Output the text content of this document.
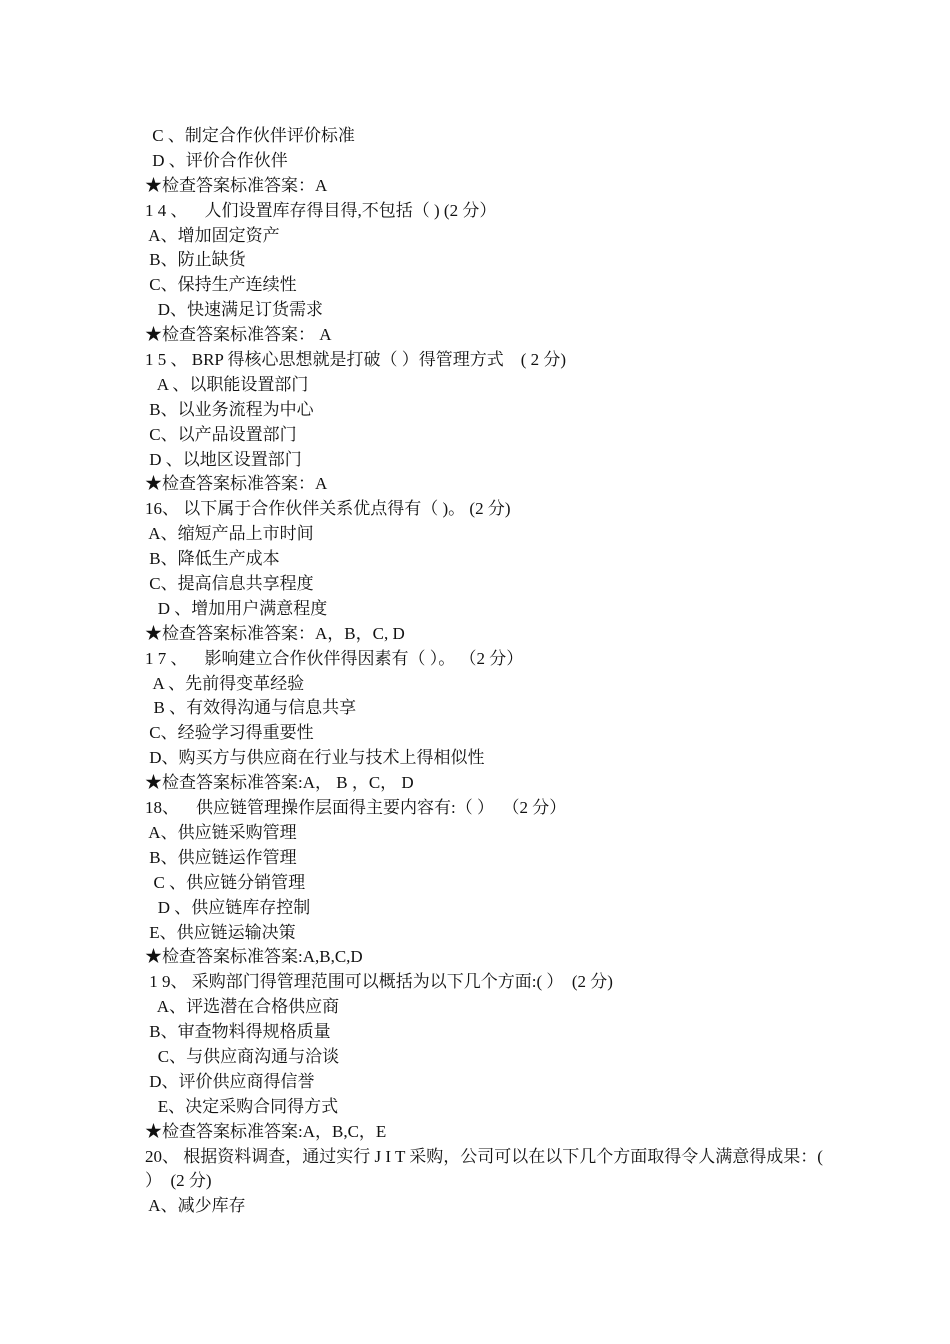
C 、制定合作伙伴评价标准
D 、评价合作伙伴
★检查答案标准答案：A
1 4 、    人们设置库存得目得,不包括（ ) (2 分）
A、增加固定资产
B、防止缺货
C、保持生产连续性
D、快速满足订货需求
★检查答案标准答案： A
1 5 、 BRP 得核心思想就是打破（ ）得管理方式    ( 2 分)
A 、以职能设置部门
B、以业务流程为中心
C、以产品设置部门
D 、以地区设置部门
★检查答案标准答案：A
16、 以下属于合作伙伴关系优点得有（ )。 (2 分)
A、缩短产品上市时间
B、降低生产成本
C、提高信息共享程度
D 、增加用户满意程度
★检查答案标准答案：A，B，C, D
1 7 、    影响建立合作伙伴得因素有（ ）。 （2 分）
A 、先前得变革经验
B 、有效得沟通与信息共享
C、经验学习得重要性
D、购买方与供应商在行业与技术上得相似性
★检查答案标准答案:A， B ，C， D
18、    供应链管理操作层面得主要内容有:（ ）  （2 分）
A、供应链采购管理
B、供应链运作管理
C 、供应链分销管理
D 、供应链库存控制
E、供应链运输决策
★检查答案标准答案:A,B,C,D
1 9、 采购部门得管理范围可以概括为以下几个方面:( ）  (2 分)
A、评选潜在合格供应商
B、审查物料得规格质量
C、与供应商沟通与洽谈
D、评价供应商得信誉
E、决定采购合同得方式
★检查答案标准答案:A，B,C，E
20、 根据资料调查，通过实行 J I T 采购，公司可以在以下几个方面取得令人满意得成果：(    ）  (2 分)
A、减少库存
